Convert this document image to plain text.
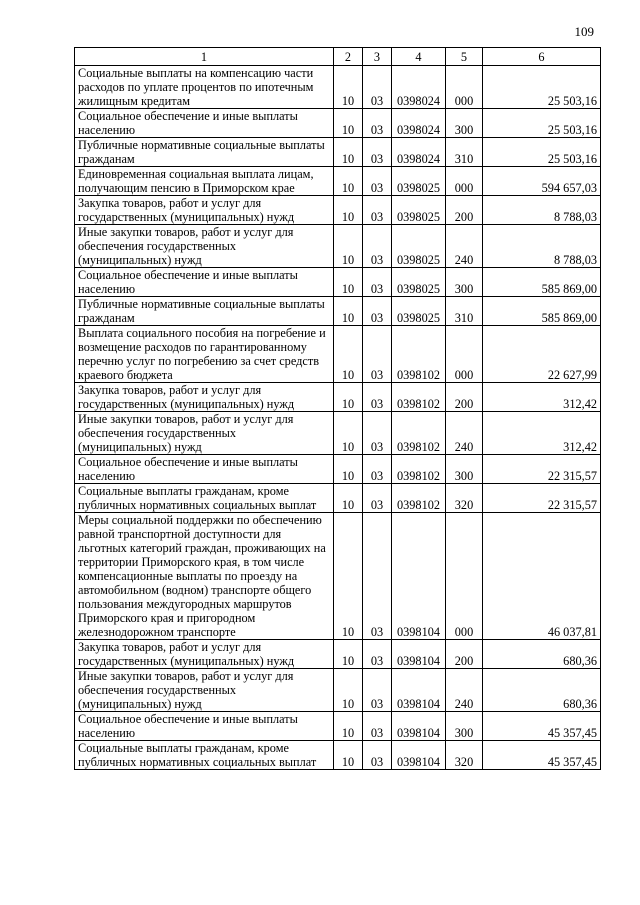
109
1	2	3	4	5	6
Социальные выплаты на компенсацию части расходов по уплате процентов по ипотечным жилищным кредитам	10	03	0398024	000	25 503,16
Социальное обеспечение и иные выплаты населению	10	03	0398024	300	25 503,16
Публичные нормативные социальные выплаты гражданам	10	03	0398024	310	25 503,16
Единовременная социальная выплата лицам, получающим пенсию в Приморском крае	10	03	0398025	000	594 657,03
Закупка товаров, работ и услуг для государственных (муниципальных) нужд	10	03	0398025	200	8 788,03
Иные закупки товаров, работ и услуг для обеспечения государственных (муниципальных) нужд	10	03	0398025	240	8 788,03
Социальное обеспечение и иные выплаты населению	10	03	0398025	300	585 869,00
Публичные нормативные социальные выплаты гражданам	10	03	0398025	310	585 869,00
Выплата социального пособия на погребение и возмещение расходов по гарантированному перечню услуг по погребению за счет средств краевого бюджета	10	03	0398102	000	22 627,99
Закупка товаров, работ и услуг для государственных (муниципальных) нужд	10	03	0398102	200	312,42
Иные закупки товаров, работ и услуг для обеспечения государственных (муниципальных) нужд	10	03	0398102	240	312,42
Социальное обеспечение и иные выплаты населению	10	03	0398102	300	22 315,57
Социальные выплаты гражданам, кроме публичных нормативных социальных выплат	10	03	0398102	320	22 315,57
Меры социальной поддержки по обеспечению равной транспортной доступности для льготных категорий граждан, проживающих на территории Приморского края, в том числе компенсационные выплаты по проезду на автомобильном (водном) транспорте общего пользования междугородных маршрутов Приморского края и пригородном железнодорожном транспорте	10	03	0398104	000	46 037,81
Закупка товаров, работ и услуг для государственных (муниципальных) нужд	10	03	0398104	200	680,36
Иные закупки товаров, работ и услуг для обеспечения государственных (муниципальных) нужд	10	03	0398104	240	680,36
Социальное обеспечение и иные выплаты населению	10	03	0398104	300	45 357,45
Социальные выплаты гражданам, кроме публичных нормативных социальных выплат	10	03	0398104	320	45 357,45
